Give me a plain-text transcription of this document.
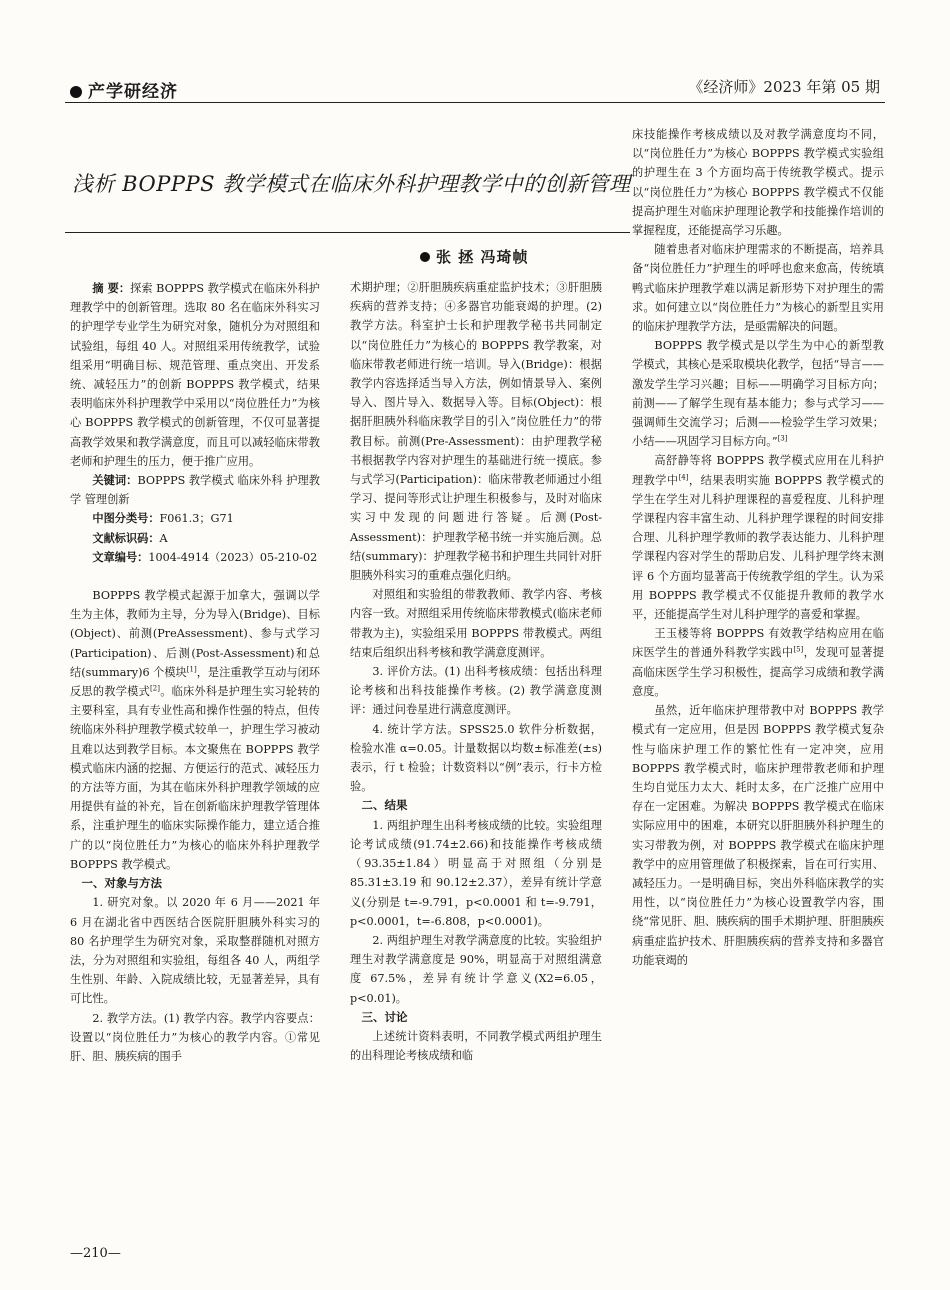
产学研经济	《经济师》2023 年第 05 期
浅析 BOPPPS 教学模式在临床外科护理教学中的创新管理
张 拯 冯琦帧

摘 要：探索 BOPPPS 教学模式在临床外科护理教学中的创新管理。选取 80 名在临床外科实习的护理学专业学生为研究对象，随机分为对照组和试验组，每组 40 人。对照组采用传统教学，试验组采用“明确目标、规范管理、重点突出、开发系统、减轻压力”的创新 BOPPPS 教学模式，结果表明临床外科护理教学中采用以“岗位胜任力”为核心 BOPPPS 教学模式的创新管理，不仅可显著提高教学效果和教学满意度，而且可以减轻临床带教老师和护理生的压力，便于推广应用。

关键词：BOPPPS 教学模式 临床外科 护理教学 管理创新

中图分类号：F061.3；G71
文献标识码：A
文章编号：1004-4914（2023）05-210-02

BOPPPS 教学模式起源于加拿大，强调以学生为主体，教师为主导，分为导入(Bridge)、目标(Object)、前测(PreAssessment)、参与式学习(Participation)、后测(Post-Assessment)和总结(summary)6 个模块[1]，是注重教学互动与闭环反思的教学模式[2]。临床外科是护理生实习轮转的主要科室，具有专业性高和操作性强的特点，但传统临床外科护理教学模式较单一，护理生学习被动且难以达到教学目标。本文聚焦在 BOPPPS 教学模式临床内涵的挖掘、方便运行的范式、减轻压力的方法等方面，为其在临床外科护理教学领域的应用提供有益的补充，旨在创新临床护理教学管理体系，注重护理生的临床实际操作能力，建立适合推广的以“岗位胜任力”为核心的临床外科护理教学 BOPPPS 教学模式。

一、对象与方法

1. 研究对象。以 2020 年 6 月——2021 年 6 月在湖北省中西医结合医院肝胆胰外科实习的 80 名护理学生为研究对象，采取整群随机对照方法，分为对照组和实验组，每组各 40 人，两组学生性别、年龄、入院成绩比较，无显著差异，具有可比性。

2. 教学方法。(1) 教学内容。教学内容要点：设置以“岗位胜任力”为核心的教学内容。①常见肝、胆、胰疾病的围手

术期护理；②肝胆胰疾病重症监护技术；③肝胆胰疾病的营养支持；④多器官功能衰竭的护理。(2) 教学方法。科室护士长和护理教学秘书共同制定以“岗位胜任力”为核心的 BOPPPS 教学教案，对临床带教老师进行统一培训。导入(Bridge)：根据教学内容选择适当导入方法，例如情景导入、案例导入、图片导入、数据导入等。目标(Object)：根据肝胆胰外科临床教学目的引入“岗位胜任力”的带教目标。前测(Pre-Assessment)：由护理教学秘书根据教学内容对护理生的基础进行统一摸底。参与式学习(Participation)：临床带教老师通过小组学习、提问等形式让护理生积极参与，及时对临床实习中发现的问题进行答疑。后测(Post-Assessment)：护理教学秘书统一并实施后测。总结(summary)：护理教学秘书和护理生共同针对肝胆胰外科实习的重难点强化归纳。

对照组和实验组的带教教师、教学内容、考核内容一致。对照组采用传统临床带教模式(临床老师带教为主)，实验组采用 BOPPPS 带教模式。两组结束后组织出科考核和教学满意度测评。

3. 评价方法。(1) 出科考核成绩：包括出科理论考核和出科技能操作考核。(2) 教学满意度测评：通过问卷星进行满意度测评。

4. 统计学方法。SPSS25.0 软件分析数据，检验水准 α=0.05。计量数据以均数±标准差(±s)表示，行 t 检验；计数资料以“例”表示，行卡方检验。

二、结果

1. 两组护理生出科考核成绩的比较。实验组理论考试成绩(91.74±2.66)和技能操作考核成绩（93.35±1.84）明显高于对照组（分别是 85.31±3.19 和 90.12±2.37），差异有统计学意义(分别是 t=-9.791，p<0.0001 和 t=-9.791，p<0.0001，t=-6.808，p<0.0001)。

2. 两组护理生对教学满意度的比较。实验组护理生对教学满意度是 90%，明显高于对照组满意度 67.5%，差异有统计学意义(X2=6.05，p<0.01)。

三、讨论

上述统计资料表明，不同教学模式两组护理生的出科理论考核成绩和临

床技能操作考核成绩以及对教学满意度均不同，以“岗位胜任力”为核心 BOPPPS 教学模式实验组的护理生在 3 个方面均高于传统教学模式。提示以“岗位胜任力”为核心 BOPPPS 教学模式不仅能提高护理生对临床护理理论教学和技能操作培训的掌握程度，还能提高学习乐趣。

随着患者对临床护理需求的不断提高，培养具备“岗位胜任力”护理生的呼呼也愈来愈高，传统填鸭式临床护理教学难以满足新形势下对护理生的需求。如何建立以“岗位胜任力”为核心的新型且实用的临床护理教学方法，是亟需解决的问题。

BOPPPS 教学模式是以学生为中心的新型教学模式，其核心是采取模块化教学，包括“导言——激发学生学习兴趣；目标——明确学习目标方向；前测——了解学生现有基本能力；参与式学习——强调师生交流学习；后测——检验学生学习效果；小结——巩固学习目标方向。”[3]

高舒静等将 BOPPPS 教学模式应用在儿科护理教学中[4]，结果表明实施 BOPPPS 教学模式的学生在学生对儿科护理课程的喜爱程度、儿科护理学课程内容丰富生动、儿科护理学课程的时间安排合理、儿科护理学教师的教学表达能力、儿科护理学课程内容对学生的帮助启发、儿科护理学终末测评 6 个方面均显著高于传统教学组的学生。认为采用 BOPPPS 教学模式不仅能提升教师的教学水平，还能提高学生对儿科护理学的喜爱和掌握。

王玉楼等将 BOPPPS 有效教学结构应用在临床医学生的普通外科教学实践中[5]，发现可显著提高临床医学生学习积极性，提高学习成绩和教学满意度。

虽然，近年临床护理带教中对 BOPPPS 教学模式有一定应用，但是因 BOPPPS 教学模式复杂性与临床护理工作的繁忙性有一定冲突，应用 BOPPPS 教学模式时，临床护理带教老师和护理生均自觉压力太大、耗时太多，在广泛推广应用中存在一定困难。为解决 BOPPPS 教学模式在临床实际应用中的困难，本研究以肝胆胰外科护理生的实习带教为例，对 BOPPPS 教学模式在临床护理教学中的应用管理做了积极探索，旨在可行实用、减轻压力。一是明确目标，突出外科临床教学的实用性，以“岗位胜任力”为核心设置教学内容，围绕“常见肝、胆、胰疾病的围手术期护理、肝胆胰疾病重症监护技术、肝胆胰疾病的营养支持和多器官功能衰竭的

—210—
